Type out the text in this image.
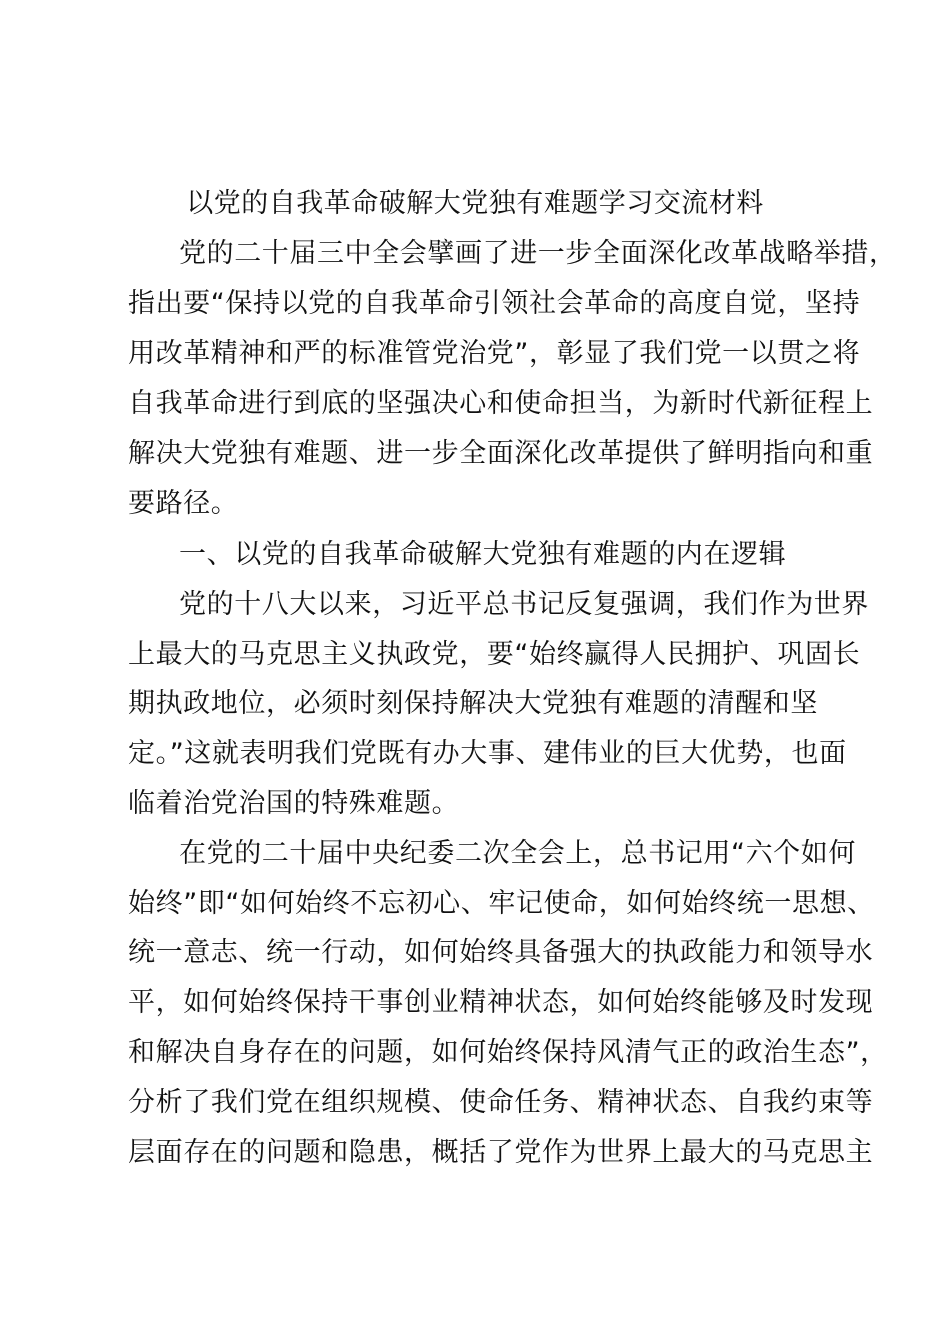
以党的自我革命破解大党独有难题学习交流材料
党的二十届三中全会擘画了进一步全面深化改革战略举措，
指出要“保持以党的自我革命引领社会革命的高度自觉，坚持
用改革精神和严的标准管党治党”，彰显了我们党一以贯之将
自我革命进行到底的坚强决心和使命担当，为新时代新征程上
解决大党独有难题、进一步全面深化改革提供了鲜明指向和重
要路径。
一、以党的自我革命破解大党独有难题的内在逻辑
党的十八大以来，习近平总书记反复强调，我们作为世界
上最大的马克思主义执政党，要“始终赢得人民拥护、巩固长
期执政地位，必须时刻保持解决大党独有难题的清醒和坚
定。”这就表明我们党既有办大事、建伟业的巨大优势，也面
临着治党治国的特殊难题。
在党的二十届中央纪委二次全会上，总书记用“六个如何
始终”即“如何始终不忘初心、牢记使命，如何始终统一思想、
统一意志、统一行动，如何始终具备强大的执政能力和领导水
平，如何始终保持干事创业精神状态，如何始终能够及时发现
和解决自身存在的问题，如何始终保持风清气正的政治生态”，
分析了我们党在组织规模、使命任务、精神状态、自我约束等
层面存在的问题和隐患，概括了党作为世界上最大的马克思主
